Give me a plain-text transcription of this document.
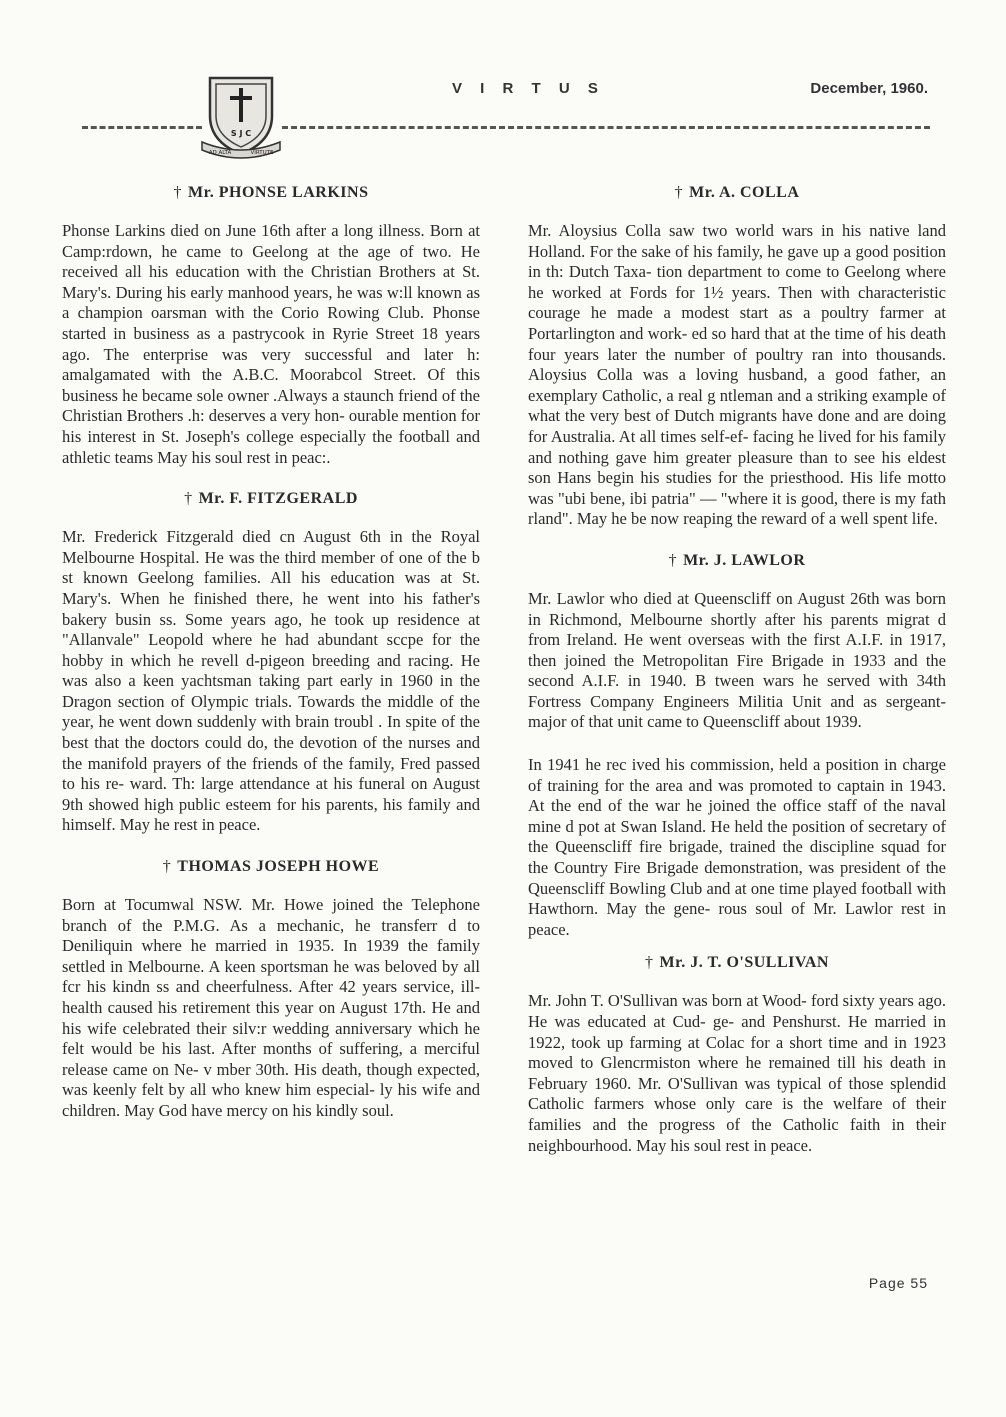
V I R T U S	December, 1960.
S J C
AD ALTA	VIRTUTE
† Mr. PHONSE LARKINS

Phonse Larkins died on June 16th after a long illness. Born at Camp:rdown, he came to Geelong at the age of two. He received all his education with the Christian Brothers at St. Mary's. During his early manhood years, he was w:ll known as a champion oarsman with the Corio Rowing Club. Phonse started in business as a pastrycook in Ryrie Street 18 years ago. The enterprise was very successful and later h: amalgamated with the A.B.C. Moorabcol Street. Of this business he became sole owner .Always a staunch friend of the Christian Brothers .h: deserves a very hon- ourable mention for his interest in St. Joseph's college especially the football and athletic teams May his soul rest in peac:.

† Mr. F. FITZGERALD

Mr. Frederick Fitzgerald died cn August 6th in the Royal Melbourne Hospital. He was the third member of one of the b st known Geelong families. All his education was at St. Mary's. When he finished there, he went into his father's bakery busin ss. Some years ago, he took up residence at "Allanvale" Leopold where he had abundant sccpe for the hobby in which he revell d-pigeon breeding and racing. He was also a keen yachtsman taking part early in 1960 in the Dragon section of Olympic trials. Towards the middle of the year, he went down suddenly with brain troubl . In spite of the best that the doctors could do, the devotion of the nurses and the manifold prayers of the friends of the family, Fred passed to his re- ward. Th: large attendance at his funeral on August 9th showed high public esteem for his parents, his family and himself. May he rest in peace.

† THOMAS JOSEPH HOWE

Born at Tocumwal NSW. Mr. Howe joined the Telephone branch of the P.M.G. As a mechanic, he transferr d to Deniliquin where he married in 1935. In 1939 the family settled in Melbourne. A keen sportsman he was beloved by all fcr his kindn ss and cheerfulness. After 42 years service, ill-health caused his retirement this year on August 17th. He and his wife celebrated their silv:r wedding anniversary which he felt would be his last. After months of suffering, a merciful release came on Ne- v mber 30th. His death, though expected, was keenly felt by all who knew him especial- ly his wife and children. May God have mercy on his kindly soul.

† Mr. A. COLLA

Mr. Aloysius Colla saw two world wars in his native land Holland. For the sake of his family, he gave up a good position in th: Dutch Taxa- tion department to come to Geelong where he worked at Fords for 1½ years. Then with characteristic courage he made a modest start as a poultry farmer at Portarlington and work- ed so hard that at the time of his death four years later the number of poultry ran into thousands. Aloysius Colla was a loving husband, a good father, an exemplary Catholic, a real g ntleman and a striking example of what the very best of Dutch migrants have done and are doing for Australia. At all times self-ef- facing he lived for his family and nothing gave him greater pleasure than to see his eldest son Hans begin his studies for the priesthood. His life motto was "ubi bene, ibi patria" — "where it is good, there is my fath rland". May he be now reaping the reward of a well spent life.

† Mr. J. LAWLOR

Mr. Lawlor who died at Queenscliff on August 26th was born in Richmond, Melbourne shortly after his parents migrat d from Ireland. He went overseas with the first A.I.F. in 1917, then joined the Metropolitan Fire Brigade in 1933 and the second A.I.F. in 1940. B tween wars he served with 34th Fortress Company Engineers Militia Unit and as sergeant-major of that unit came to Queenscliff about 1939.

In 1941 he rec ived his commission, held a position in charge of training for the area and was promoted to captain in 1943. At the end of the war he joined the office staff of the naval mine d pot at Swan Island. He held the position of secretary of the Queenscliff fire brigade, trained the discipline squad for the Country Fire Brigade demonstration, was president of the Queenscliff Bowling Club and at one time played football with Hawthorn. May the gene- rous soul of Mr. Lawlor rest in peace.

† Mr. J. T. O'SULLIVAN

Mr. John T. O'Sullivan was born at Wood- ford sixty years ago. He was educated at Cud- ge- and Penshurst. He married in 1922, took up farming at Colac for a short time and in 1923 moved to Glencrmiston where he remained till his death in February 1960. Mr. O'Sullivan was typical of those splendid Catholic farmers whose only care is the welfare of their families and the progress of the Catholic faith in their neighbourhood. May his soul rest in peace.

Page 55
